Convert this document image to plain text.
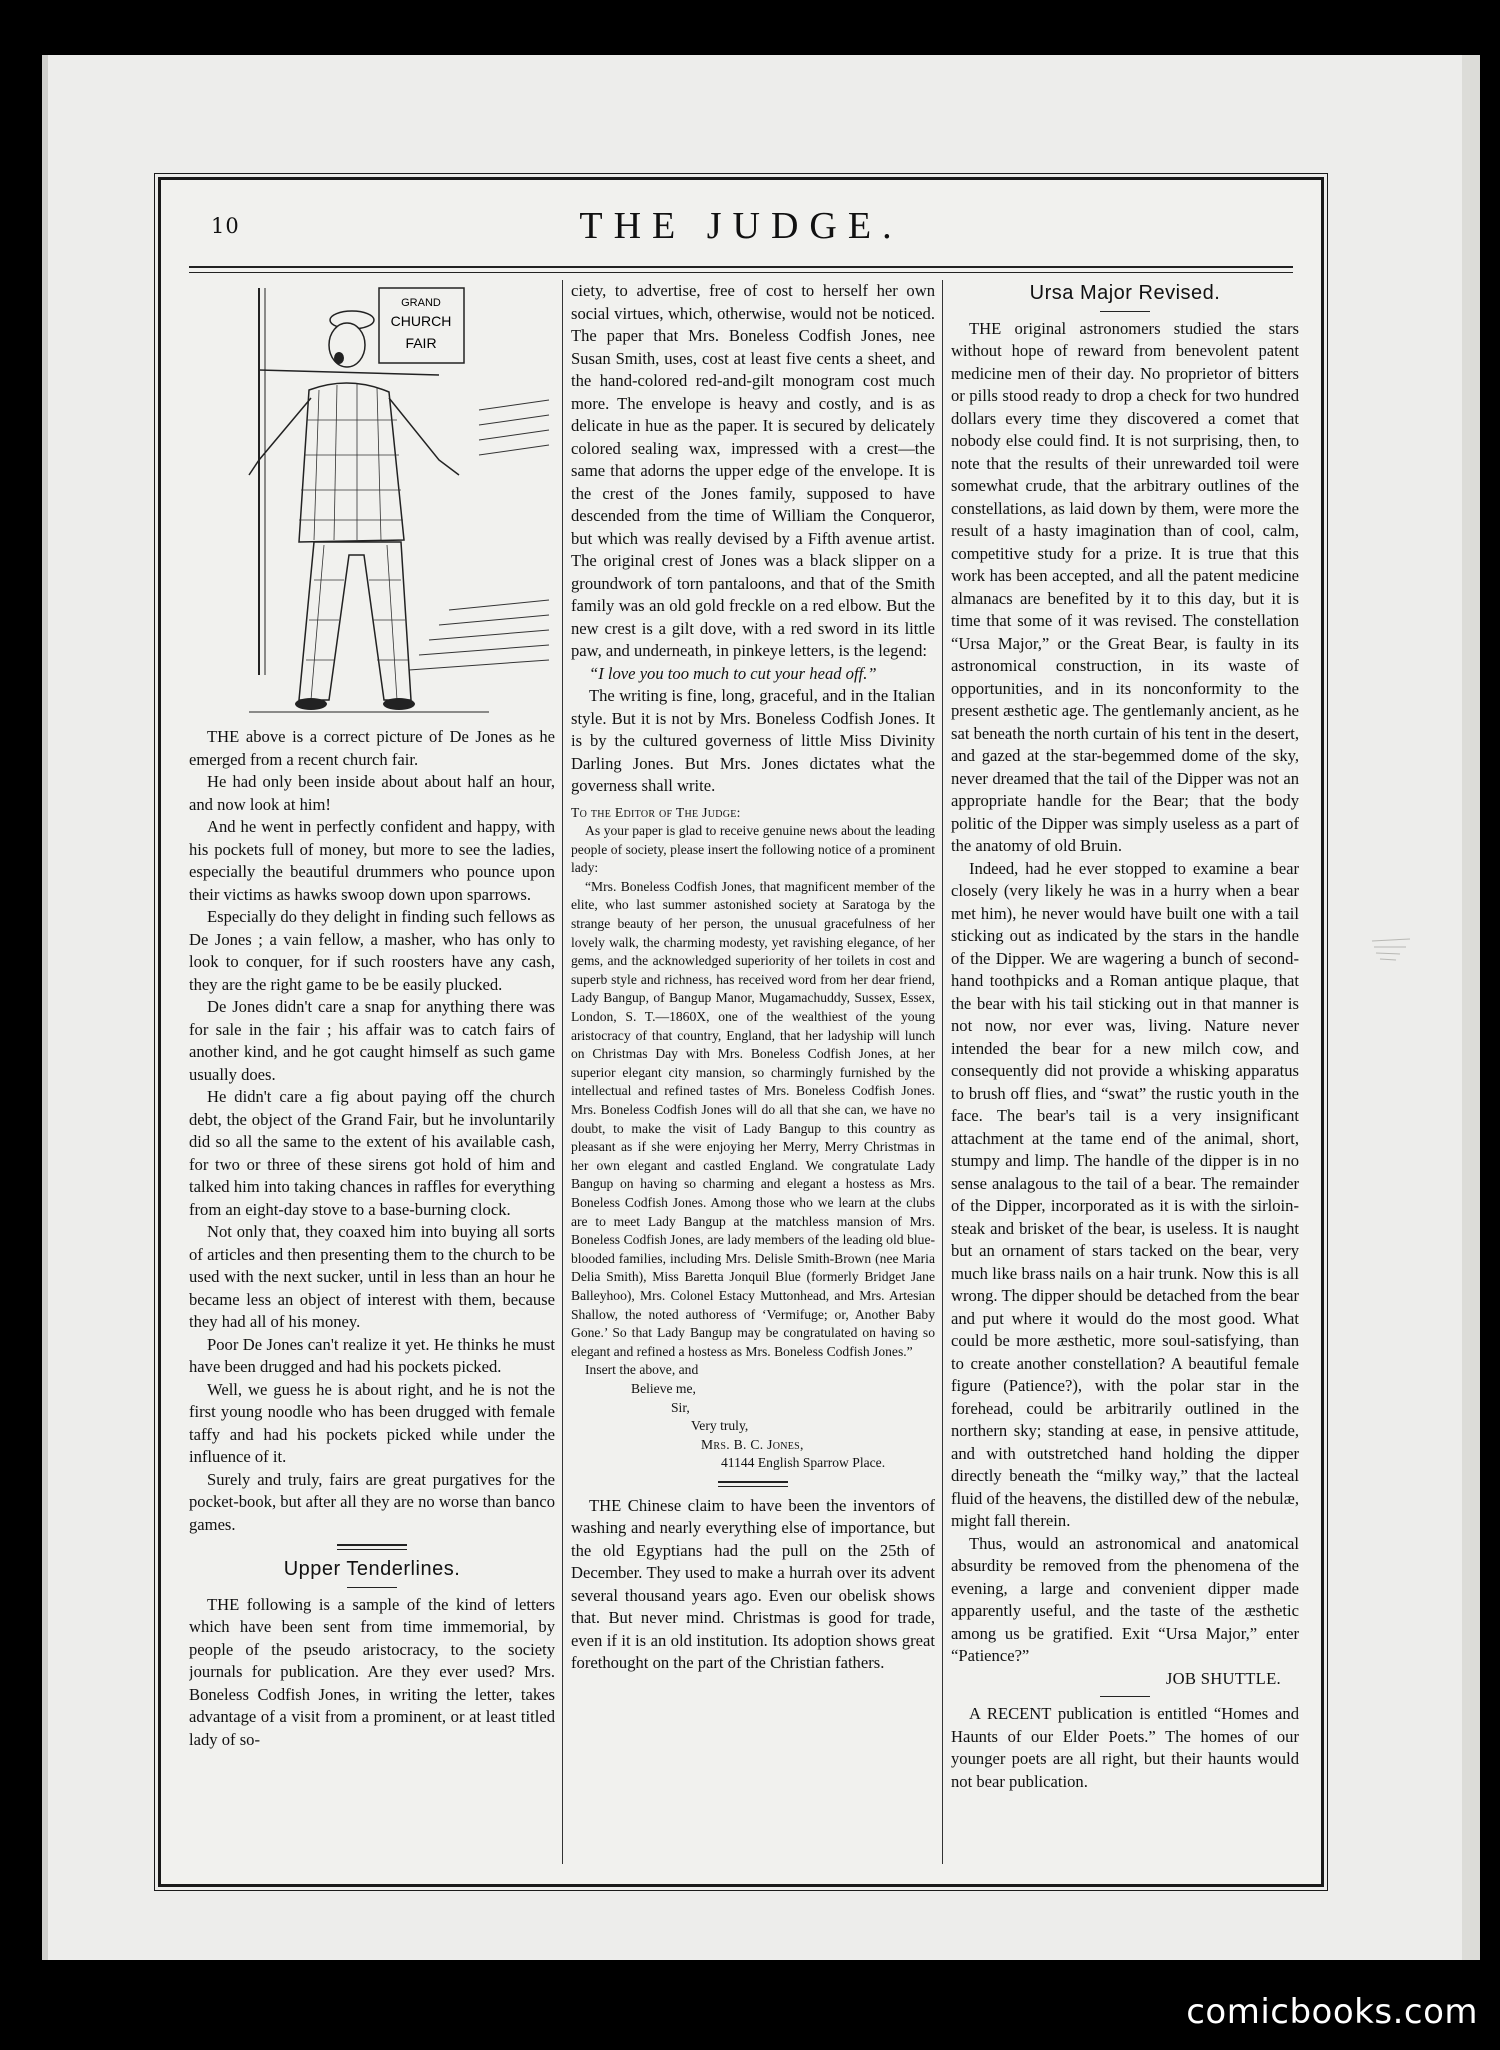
10	THE JUDGE.
GRAND
CHURCH
FAIR

THE above is a correct picture of De Jones as he emerged from a recent church fair.

He had only been inside about about half an hour, and now look at him!

And he went in perfectly confident and happy, with his pockets full of money, but more to see the ladies, especially the beautiful drummers who pounce upon their victims as hawks swoop down upon sparrows.

Especially do they delight in finding such fellows as De Jones ; a vain fellow, a masher, who has only to look to conquer, for if such roosters have any cash, they are the right game to be be easily plucked.

De Jones didn't care a snap for anything there was for sale in the fair ; his affair was to catch fairs of another kind, and he got caught himself as such game usually does.

He didn't care a fig about paying off the church debt, the object of the Grand Fair, but he involuntarily did so all the same to the extent of his available cash, for two or three of these sirens got hold of him and talked him into taking chances in raffles for everything from an eight-day stove to a base-burning clock.

Not only that, they coaxed him into buying all sorts of articles and then presenting them to the church to be used with the next sucker, until in less than an hour he became less an object of interest with them, because they had all of his money.

Poor De Jones can't realize it yet. He thinks he must have been drugged and had his pockets picked.

Well, we guess he is about right, and he is not the first young noodle who has been drugged with female taffy and had his pockets picked while under the influence of it.

Surely and truly, fairs are great purgatives for the pocket-book, but after all they are no worse than banco games.

Upper Tenderlines.

THE following is a sample of the kind of letters which have been sent from time immemorial, by people of the pseudo aristocracy, to the society journals for publication. Are they ever used? Mrs. Boneless Codfish Jones, in writing the letter, takes advantage of a visit from a prominent, or at least titled lady of so-

ciety, to advertise, free of cost to herself her own social virtues, which, otherwise, would not be noticed. The paper that Mrs. Boneless Codfish Jones, nee Susan Smith, uses, cost at least five cents a sheet, and the hand-colored red-and-gilt monogram cost much more. The envelope is heavy and costly, and is as delicate in hue as the paper. It is secured by delicately colored sealing wax, impressed with a crest—the same that adorns the upper edge of the envelope. It is the crest of the Jones family, supposed to have descended from the time of William the Conqueror, but which was really devised by a Fifth avenue artist. The original crest of Jones was a black slipper on a groundwork of torn pantaloons, and that of the Smith family was an old gold freckle on a red elbow. But the new crest is a gilt dove, with a red sword in its little paw, and underneath, in pinkeye letters, is the legend:

“I love you too much to cut your head off.”

The writing is fine, long, graceful, and in the Italian style. But it is not by Mrs. Boneless Codfish Jones. It is by the cultured governess of little Miss Divinity Darling Jones. But Mrs. Jones dictates what the governess shall write.

To the Editor of The Judge:

As your paper is glad to receive genuine news about the leading people of society, please insert the following notice of a prominent lady:

“Mrs. Boneless Codfish Jones, that magnificent member of the elite, who last summer astonished society at Saratoga by the strange beauty of her person, the unusual gracefulness of her lovely walk, the charming modesty, yet ravishing elegance, of her gems, and the acknowledged superiority of her toilets in cost and superb style and richness, has received word from her dear friend, Lady Bangup, of Bangup Manor, Mugamachuddy, Sussex, Essex, London, S. T.—1860X, one of the wealthiest of the young aristocracy of that country, England, that her ladyship will lunch on Christmas Day with Mrs. Boneless Codfish Jones, at her superior elegant city mansion, so charmingly furnished by the intellectual and refined tastes of Mrs. Boneless Codfish Jones. Mrs. Boneless Codfish Jones will do all that she can, we have no doubt, to make the visit of Lady Bangup to this country as pleasant as if she were enjoying her Merry, Merry Christmas in her own elegant and castled England. We congratulate Lady Bangup on having so charming and elegant a hostess as Mrs. Boneless Codfish Jones. Among those who we learn at the clubs are to meet Lady Bangup at the matchless mansion of Mrs. Boneless Codfish Jones, are lady members of the leading old blue-blooded families, including Mrs. Delisle Smith-Brown (nee Maria Delia Smith), Miss Baretta Jonquil Blue (formerly Bridget Jane Balleyhoo), Mrs. Colonel Estacy Muttonhead, and Mrs. Artesian Shallow, the noted authoress of ‘Vermifuge; or, Another Baby Gone.’ So that Lady Bangup may be congratulated on having so elegant and refined a hostess as Mrs. Boneless Codfish Jones.”

Insert the above, and
Believe me,
Sir,
Very truly,
Mrs. B. C. Jones,
41144 English Sparrow Place.

THE Chinese claim to have been the inventors of washing and nearly everything else of importance, but the old Egyptians had the pull on the 25th of December. They used to make a hurrah over its advent several thousand years ago. Even our obelisk shows that. But never mind. Christmas is good for trade, even if it is an old institution. Its adoption shows great forethought on the part of the Christian fathers.

Ursa Major Revised.

THE original astronomers studied the stars without hope of reward from benevolent patent medicine men of their day. No proprietor of bitters or pills stood ready to drop a check for two hundred dollars every time they discovered a comet that nobody else could find. It is not surprising, then, to note that the results of their unrewarded toil were somewhat crude, that the arbitrary outlines of the constellations, as laid down by them, were more the result of a hasty imagination than of cool, calm, competitive study for a prize. It is true that this work has been accepted, and all the patent medicine almanacs are benefited by it to this day, but it is time that some of it was revised. The constellation “Ursa Major,” or the Great Bear, is faulty in its astronomical construction, in its waste of opportunities, and in its nonconformity to the present æsthetic age. The gentlemanly ancient, as he sat beneath the north curtain of his tent in the desert, and gazed at the star-begemmed dome of the sky, never dreamed that the tail of the Dipper was not an appropriate handle for the Bear; that the body politic of the Dipper was simply useless as a part of the anatomy of old Bruin.

Indeed, had he ever stopped to examine a bear closely (very likely he was in a hurry when a bear met him), he never would have built one with a tail sticking out as indicated by the stars in the handle of the Dipper. We are wagering a bunch of second-hand toothpicks and a Roman antique plaque, that the bear with his tail sticking out in that manner is not now, nor ever was, living. Nature never intended the bear for a new milch cow, and consequently did not provide a whisking apparatus to brush off flies, and “swat” the rustic youth in the face. The bear's tail is a very insignificant attachment at the tame end of the animal, short, stumpy and limp. The handle of the dipper is in no sense analagous to the tail of a bear. The remainder of the Dipper, incorporated as it is with the sirloin-steak and brisket of the bear, is useless. It is naught but an ornament of stars tacked on the bear, very much like brass nails on a hair trunk. Now this is all wrong. The dipper should be detached from the bear and put where it would do the most good. What could be more æsthetic, more soul-satisfying, than to create another constellation? A beautiful female figure (Patience?), with the polar star in the forehead, could be arbitrarily outlined in the northern sky; standing at ease, in pensive attitude, and with outstretched hand holding the dipper directly beneath the “milky way,” that the lacteal fluid of the heavens, the distilled dew of the nebulæ, might fall therein.

Thus, would an astronomical and anatomical absurdity be removed from the phenomena of the evening, a large and convenient dipper made apparently useful, and the taste of the æsthetic among us be gratified. Exit “Ursa Major,” enter “Patience?”

JOB SHUTTLE.

A RECENT publication is entitled “Homes and Haunts of our Elder Poets.” The homes of our younger poets are all right, but their haunts would not bear publication.

comicbooks.com
